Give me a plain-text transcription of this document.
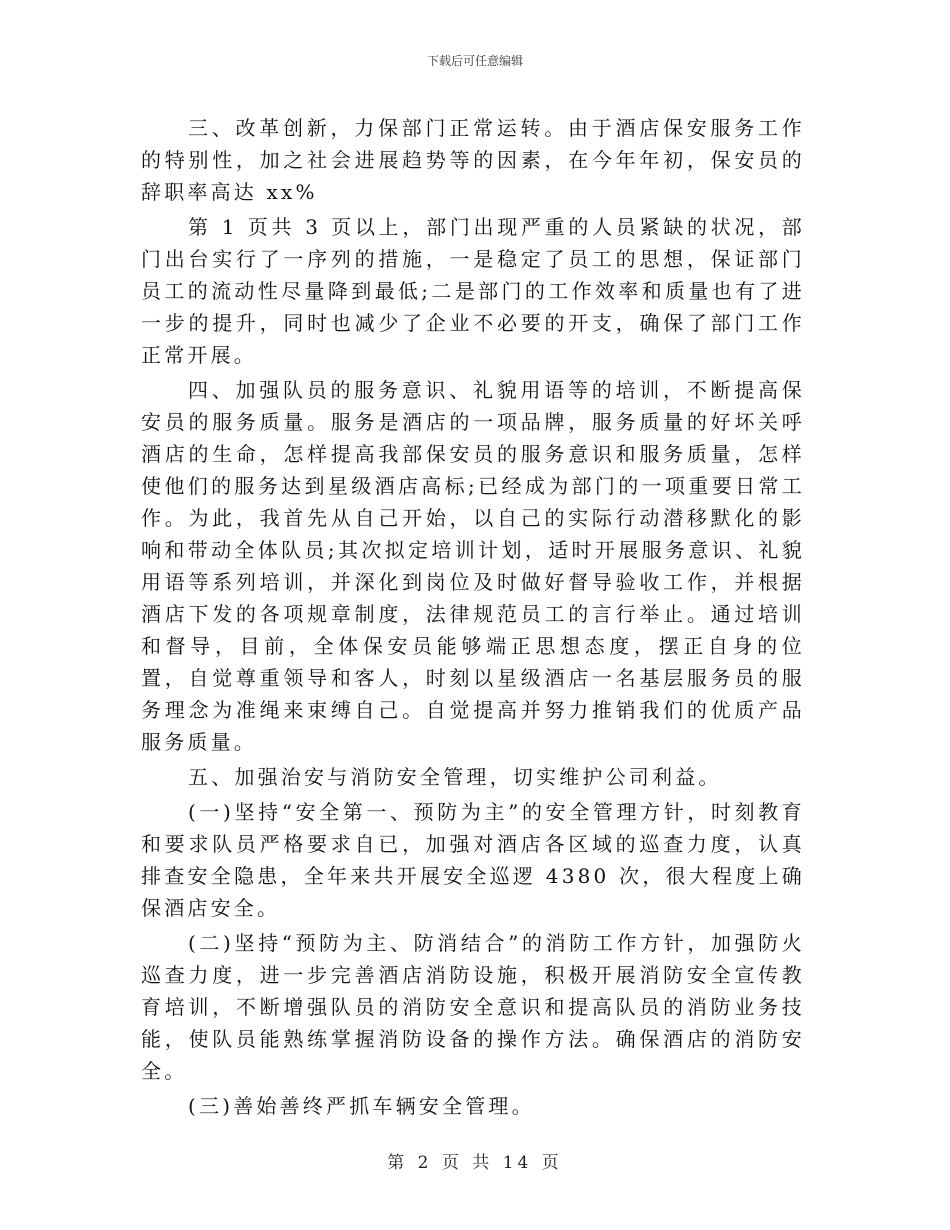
下载后可任意编辑

三、改革创新，力保部门正常运转。由于酒店保安服务工作的特别性，加之社会进展趋势等的因素，在今年年初，保安员的辞职率高达 xx%

第 1 页共 3 页以上，部门出现严重的人员紧缺的状况，部门出台实行了一序列的措施，一是稳定了员工的思想，保证部门员工的流动性尽量降到最低;二是部门的工作效率和质量也有了进一步的提升，同时也减少了企业不必要的开支，确保了部门工作正常开展。

四、加强队员的服务意识、礼貌用语等的培训，不断提高保安员的服务质量。服务是酒店的一项品牌，服务质量的好坏关呼酒店的生命，怎样提高我部保安员的服务意识和服务质量，怎样使他们的服务达到星级酒店高标;已经成为部门的一项重要日常工作。为此，我首先从自己开始，以自己的实际行动潜移默化的影响和带动全体队员;其次拟定培训计划，适时开展服务意识、礼貌用语等系列培训，并深化到岗位及时做好督导验收工作，并根据酒店下发的各项规章制度，法律规范员工的言行举止。通过培训和督导，目前，全体保安员能够端正思想态度，摆正自身的位置，自觉尊重领导和客人，时刻以星级酒店一名基层服务员的服务理念为准绳来束缚自己。自觉提高并努力推销我们的优质产品服务质量。

五、加强治安与消防安全管理，切实维护公司利益。

(一)坚持“安全第一、预防为主”的安全管理方针，时刻教育和要求队员严格要求自已，加强对酒店各区域的巡查力度，认真排查安全隐患，全年来共开展安全巡逻 4380 次，很大程度上确保酒店安全。

(二)坚持“预防为主、防消结合”的消防工作方针，加强防火巡查力度，进一步完善酒店消防设施，积极开展消防安全宣传教育培训，不断增强队员的消防安全意识和提高队员的消防业务技能，使队员能熟练掌握消防设备的操作方法。确保酒店的消防安全。

(三)善始善终严抓车辆安全管理。

第 2 页 共 14 页
